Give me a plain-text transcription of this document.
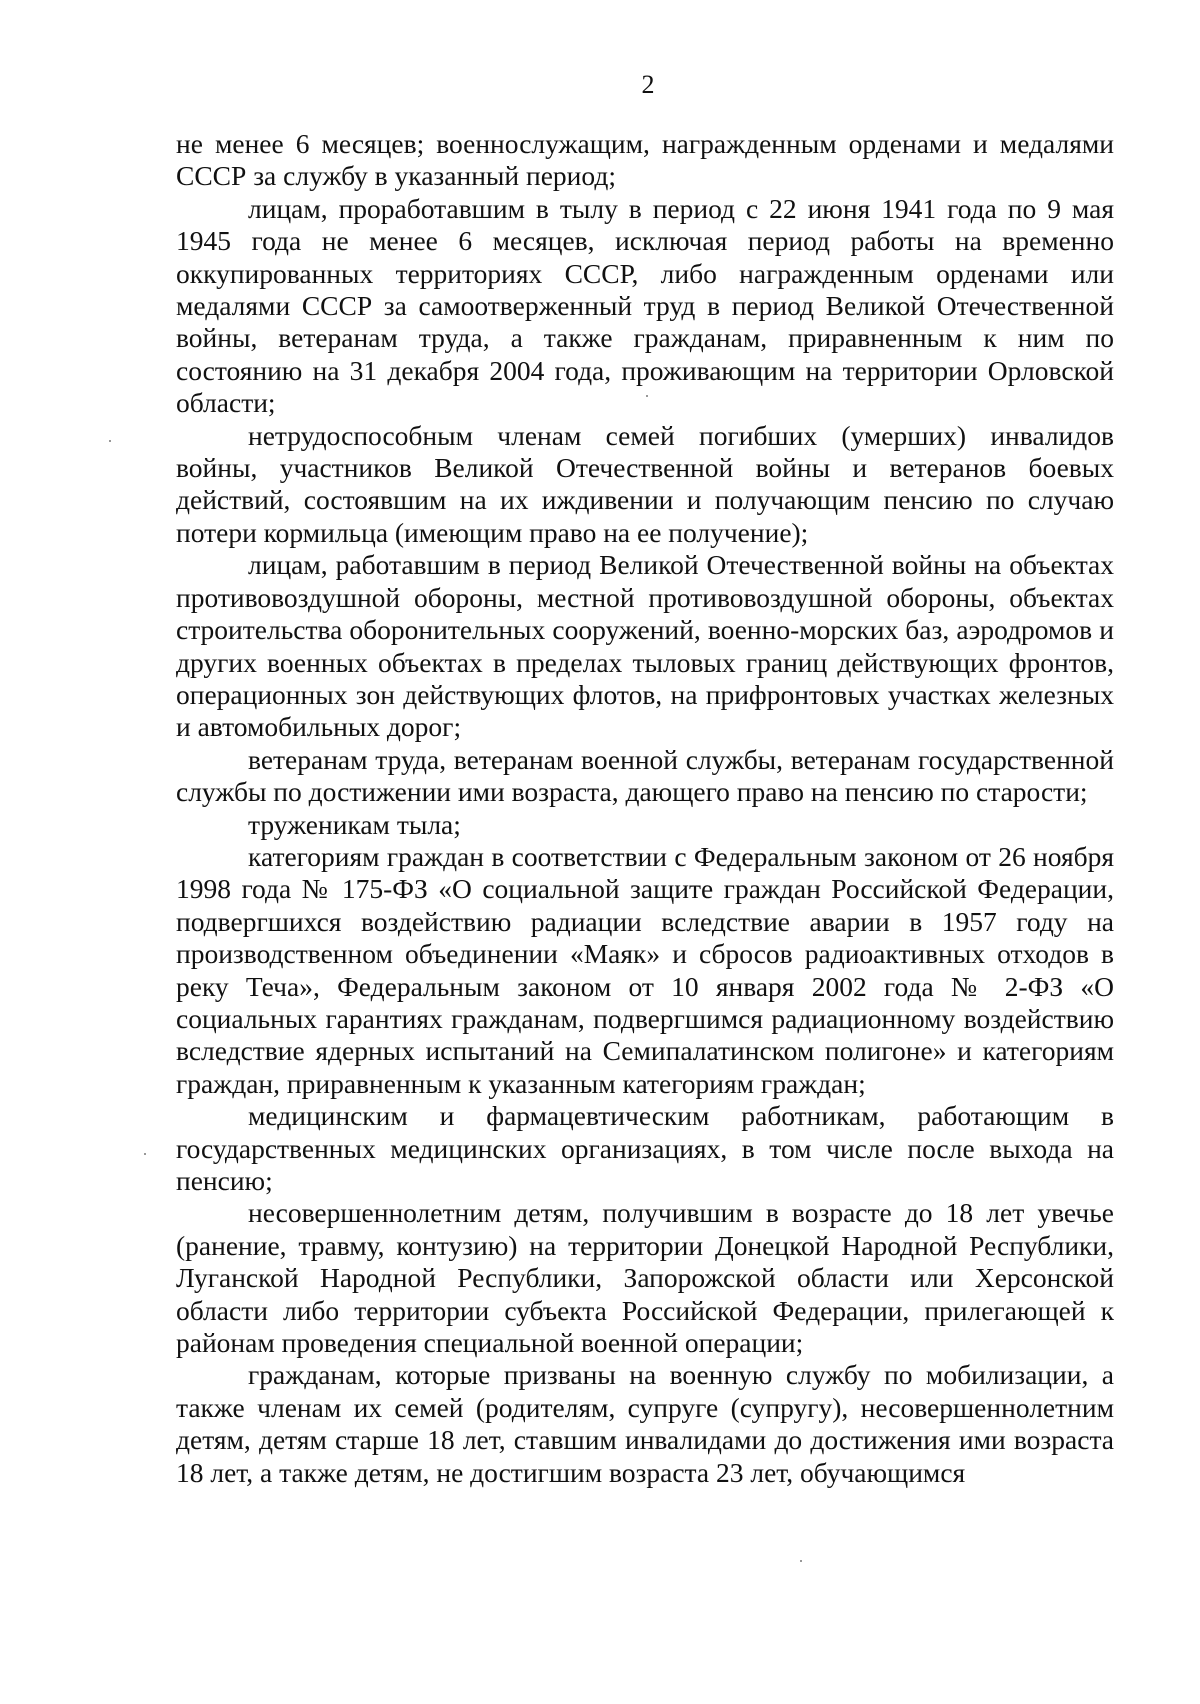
2

не менее 6 месяцев; военнослужащим, награжденным орденами и медалями СССР за службу в указанный период;

лицам, проработавшим в тылу в период с 22 июня 1941 года по 9 мая 1945 года не менее 6 месяцев, исключая период работы на временно оккупированных территориях СССР, либо награжденным орденами или медалями СССР за самоотверженный труд в период Великой Отечественной войны, ветеранам труда, а также гражданам, приравненным к ним по состоянию на 31 декабря 2004 года, проживающим на территории Орловской области;

нетрудоспособным членам семей погибших (умерших) инвалидов войны, участников Великой Отечественной войны и ветеранов боевых действий, состоявшим на их иждивении и получающим пенсию по случаю потери кормильца (имеющим право на ее получение);

лицам, работавшим в период Великой Отечественной войны на объектах противовоздушной обороны, местной противовоздушной обороны, объектах строительства оборонительных сооружений, военно-морских баз, аэродромов и других военных объектах в пределах тыловых границ действующих фронтов, операционных зон действующих флотов, на прифронтовых участках железных и автомобильных дорог;

ветеранам труда, ветеранам военной службы, ветеранам государственной службы по достижении ими возраста, дающего право на пенсию по старости;

труженикам тыла;

категориям граждан в соответствии с Федеральным законом от 26 ноября 1998 года № 175-ФЗ «О социальной защите граждан Российской Федерации, подвергшихся воздействию радиации вследствие аварии в 1957 году на производственном объединении «Маяк» и сбросов радиоактивных отходов в реку Теча», Федеральным законом от 10 января 2002 года № 2-ФЗ «О социальных гарантиях гражданам, подвергшимся радиационному воздействию вследствие ядерных испытаний на Семипалатинском полигоне» и категориям граждан, приравненным к указанным категориям граждан;

медицинским и фармацевтическим работникам, работающим в государственных медицинских организациях, в том числе после выхода на пенсию;

несовершеннолетним детям, получившим в возрасте до 18 лет увечье (ранение, травму, контузию) на территории Донецкой Народной Республики, Луганской Народной Республики, Запорожской области или Херсонской области либо территории субъекта Российской Федерации, прилегающей к районам проведения специальной военной операции;

гражданам, которые призваны на военную службу по мобилизации, а также членам их семей (родителям, супруге (супругу), несовершеннолетним детям, детям старше 18 лет, ставшим инвалидами до достижения ими возраста 18 лет, а также детям, не достигшим возраста 23 лет, обучающимся
